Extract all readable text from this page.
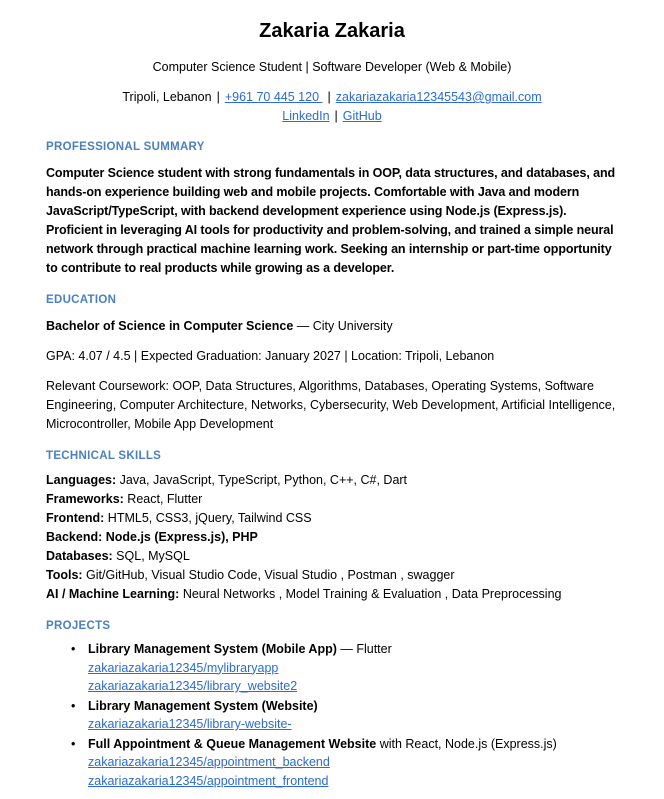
Zakaria Zakaria
Computer Science Student | Software Developer (Web & Mobile)
Tripoli, Lebanon | +961 70 445 120 | zakariazakaria12345543@gmail.com
LinkedIn | GitHub
PROFESSIONAL SUMMARY

Computer Science student with strong fundamentals in OOP, data structures, and databases, and hands-on experience building web and mobile projects. Comfortable with Java and modern JavaScript/TypeScript, with backend development experience using Node.js (Express.js). Proficient in leveraging AI tools for productivity and problem-solving, and trained a simple neural network through practical machine learning work. Seeking an internship or part-time opportunity to contribute to real products while growing as a developer.

EDUCATION

Bachelor of Science in Computer Science — City University

GPA: 4.07 / 4.5 | Expected Graduation: January 2027 | Location: Tripoli, Lebanon

Relevant Coursework: OOP, Data Structures, Algorithms, Databases, Operating Systems, Software Engineering, Computer Architecture, Networks, Cybersecurity, Web Development, Artificial Intelligence, Microcontroller, Mobile App Development

TECHNICAL SKILLS
Languages: Java, JavaScript, TypeScript, Python, C++, C#, Dart
Frameworks: React, Flutter
Frontend: HTML5, CSS3, jQuery, Tailwind CSS
Backend: Node.js (Express.js), PHP
Databases: SQL, MySQL
Tools: Git/GitHub, Visual Studio Code, Visual Studio , Postman , swagger
AI / Machine Learning: Neural Networks , Model Training & Evaluation , Data Preprocessing
PROJECTS
• Library Management System (Mobile App) — Flutter
zakariazakaria12345/mylibraryapp
zakariazakaria12345/library_website2
• Library Management System (Website)
zakariazakaria12345/library-website-
• Full Appointment & Queue Management Website with React, Node.js (Express.js)
zakariazakaria12345/appointment_backend
zakariazakaria12345/appointment_frontend
